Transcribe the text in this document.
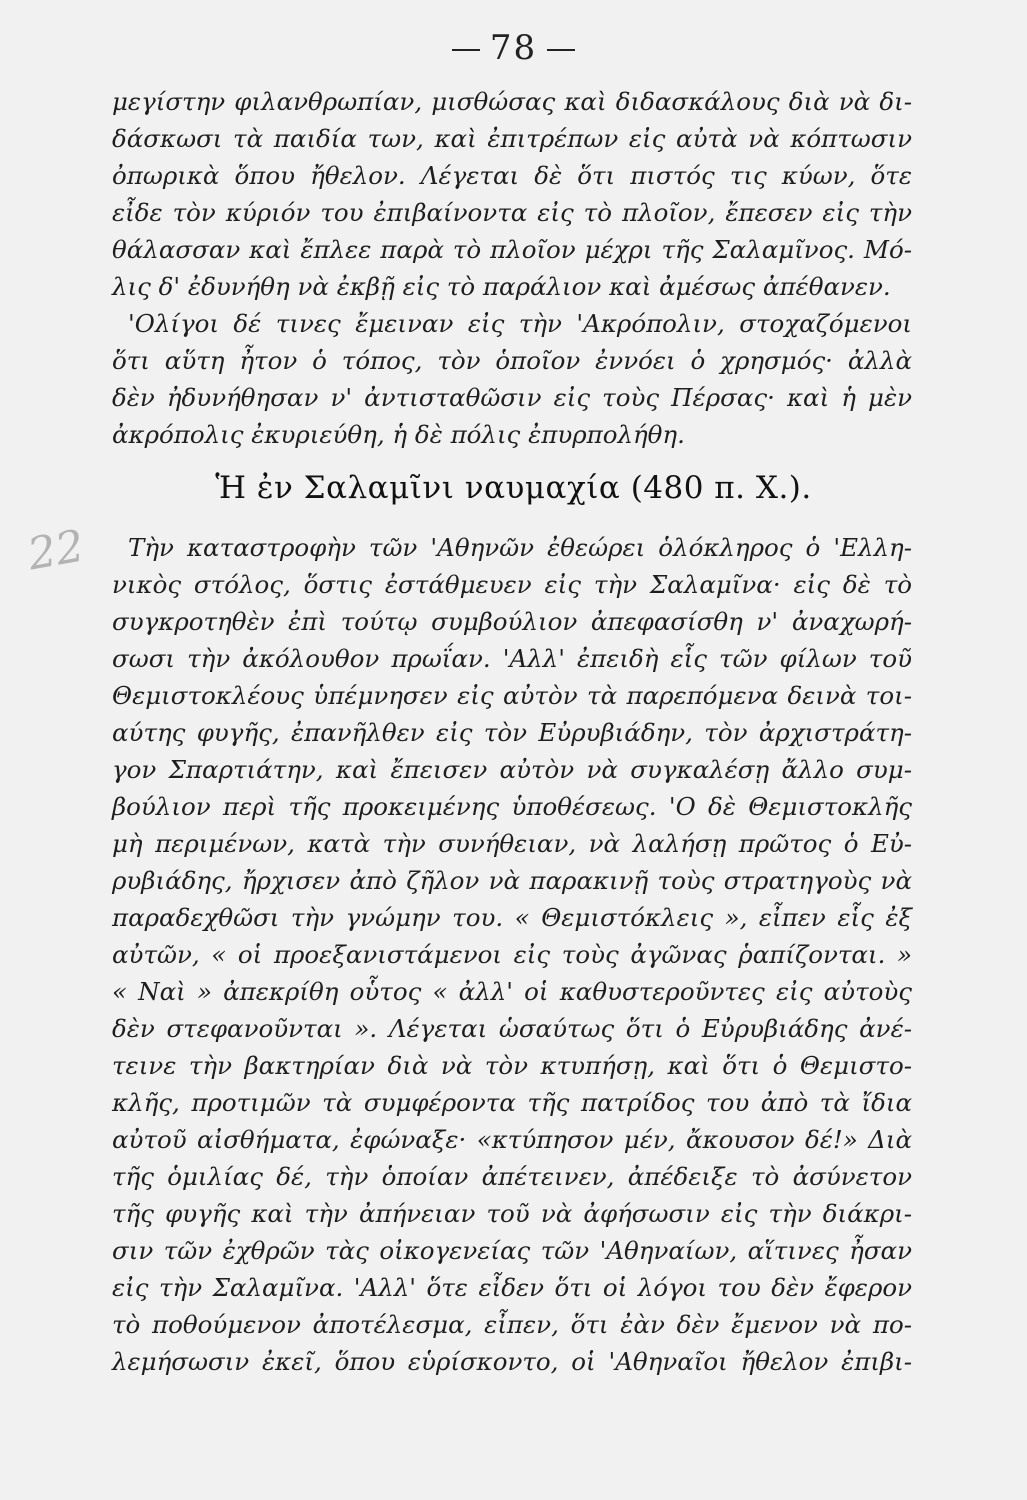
78
μεγίστην φιλανθρωπίαν, μισθώσας καὶ διδασκάλους διὰ νὰ δι-
δάσκωσι τὰ παιδία των, καὶ ἐπιτρέπων εἰς αὐτὰ νὰ κόπτωσιν
ὀπωρικὰ ὅπου ἤθελον. Λέγεται δὲ ὅτι πιστός τις κύων, ὅτε
εἶδε τὸν κύριόν του ἐπιβαίνοντα εἰς τὸ πλοῖον, ἔπεσεν εἰς τὴν
θάλασσαν καὶ ἔπλεε παρὰ τὸ πλοῖον μέχρι τῆς Σαλαμῖνος. Μό-
λις δ' ἐδυνήθη νὰ ἐκβῇ εἰς τὸ παράλιον καὶ ἀμέσως ἀπέθανεν.
'Ολίγοι δέ τινες ἔμειναν εἰς τὴν 'Ακρόπολιν, στοχαζόμενοι
ὅτι αὕτη ἦτον ὁ τόπος, τὸν ὁποῖον ἐννόει ὁ χρησμός· ἀλλὰ
δὲν ἠδυνήθησαν ν' ἀντισταθῶσιν εἰς τοὺς Πέρσας· καὶ ἡ μὲν
ἀκρόπολις ἐκυριεύθη, ἡ δὲ πόλις ἐπυρπολήθη.
Ἡ ἐν Σαλαμῖνι ναυμαχία (480 π. Χ.).
22 Τὴν καταστροφὴν τῶν 'Αθηνῶν ἐθεώρει ὁλόκληρος ὁ 'Ελλη-
νικὸς στόλος, ὅστις ἐστάθμευεν εἰς τὴν Σαλαμῖνα· εἰς δὲ τὸ
συγκροτηθὲν ἐπὶ τούτῳ συμβούλιον ἀπεφασίσθη ν' ἀναχωρή-
σωσι τὴν ἀκόλουθον πρωΐαν. 'Αλλ' ἐπειδὴ εἷς τῶν φίλων τοῦ
Θεμιστοκλέους ὑπέμνησεν εἰς αὐτὸν τὰ παρεπόμενα δεινὰ τοι-
αύτης φυγῆς, ἐπανῆλθεν εἰς τὸν Εὐρυβιάδην, τὸν ἀρχιστράτη-
γον Σπαρτιάτην, καὶ ἔπεισεν αὐτὸν νὰ συγκαλέσῃ ἄλλο συμ-
βούλιον περὶ τῆς προκειμένης ὑποθέσεως. 'Ο δὲ Θεμιστοκλῆς
μὴ περιμένων, κατὰ τὴν συνήθειαν, νὰ λαλήσῃ πρῶτος ὁ Εὐ-
ρυβιάδης, ἤρχισεν ἀπὸ ζῆλον νὰ παρακινῇ τοὺς στρατηγοὺς νὰ
παραδεχθῶσι τὴν γνώμην του. « Θεμιστόκλεις », εἶπεν εἷς ἐξ
αὐτῶν, « οἱ προεξανιστάμενοι εἰς τοὺς ἀγῶνας ῥαπίζονται. »
« Ναὶ » ἀπεκρίθη οὗτος « ἀλλ' οἱ καθυστεροῦντες εἰς αὐτοὺς
δὲν στεφανοῦνται ». Λέγεται ὡσαύτως ὅτι ὁ Εὐρυβιάδης ἀνέ-
τεινε τὴν βακτηρίαν διὰ νὰ τὸν κτυπήσῃ, καὶ ὅτι ὁ Θεμιστο-
κλῆς, προτιμῶν τὰ συμφέροντα τῆς πατρίδος του ἀπὸ τὰ ἴδια
αὐτοῦ αἰσθήματα, ἐφώναξε· «κτύπησον μέν, ἄκουσον δέ!» Διὰ
τῆς ὁμιλίας δέ, τὴν ὁποίαν ἀπέτεινεν, ἀπέδειξε τὸ ἀσύνετον
τῆς φυγῆς καὶ τὴν ἀπήνειαν τοῦ νὰ ἀφήσωσιν εἰς τὴν διάκρι-
σιν τῶν ἐχθρῶν τὰς οἰκογενείας τῶν 'Αθηναίων, αἵτινες ἦσαν
εἰς τὴν Σαλαμῖνα. 'Αλλ' ὅτε εἶδεν ὅτι οἱ λόγοι του δὲν ἔφερον
τὸ ποθούμενον ἀποτέλεσμα, εἶπεν, ὅτι ἐὰν δὲν ἔμενον νὰ πο-
λεμήσωσιν ἐκεῖ, ὅπου εὑρίσκοντο, οἱ 'Αθηναῖοι ἤθελον ἐπιβι-
